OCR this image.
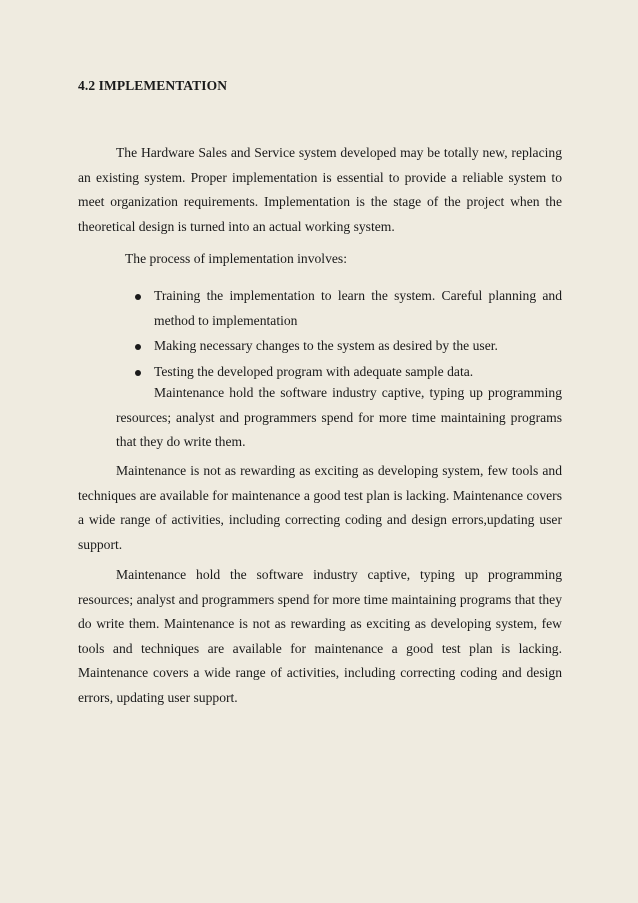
4.2 IMPLEMENTATION

The Hardware Sales and Service system developed may be totally new, replacing an existing system. Proper implementation is essential to provide a reliable system to meet organization requirements. Implementation is the stage of the project when the theoretical design is turned into an actual working system.

The process of implementation involves:
Training the implementation to learn the system. Careful planning and method to implementation
Making necessary changes to the system as desired by the user.
Testing the developed program with adequate sample data.

Maintenance hold the software industry captive, typing up programming resources; analyst and programmers spend for more time maintaining programs that they do write them.

Maintenance is not as rewarding as exciting as developing system, few tools and techniques are available for maintenance a good test plan is lacking. Maintenance covers a wide range of activities, including correcting coding and design errors,updating user support.

Maintenance hold the software industry captive, typing up programming resources; analyst and programmers spend for more time maintaining programs that they do write them. Maintenance is not as rewarding as exciting as developing system, few tools and techniques are available for maintenance a good test plan is lacking. Maintenance covers a wide range of activities, including correcting coding and design errors, updating user support.
